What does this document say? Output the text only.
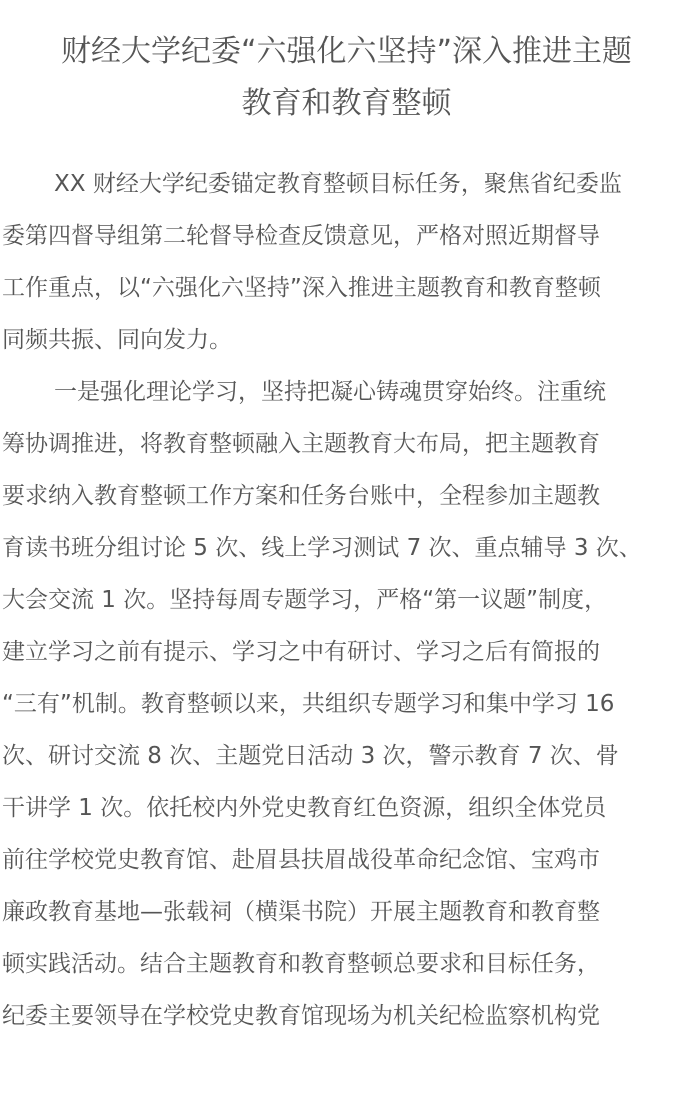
财经大学纪委“六强化六坚持”深入推进主题
教育和教育整顿
XX 财经大学纪委锚定教育整顿目标任务，聚焦省纪委监
委第四督导组第二轮督导检查反馈意见，严格对照近期督导
工作重点，以“六强化六坚持”深入推进主题教育和教育整顿
同频共振、同向发力。
一是强化理论学习，坚持把凝心铸魂贯穿始终。注重统
筹协调推进，将教育整顿融入主题教育大布局，把主题教育
要求纳入教育整顿工作方案和任务台账中，全程参加主题教
育读书班分组讨论 5 次、线上学习测试 7 次、重点辅导 3 次、
大会交流 1 次。坚持每周专题学习，严格“第一议题”制度，
建立学习之前有提示、学习之中有研讨、学习之后有简报的
“三有”机制。教育整顿以来，共组织专题学习和集中学习 16
次、研讨交流 8 次、主题党日活动 3 次，警示教育 7 次、骨
干讲学 1 次。依托校内外党史教育红色资源，组织全体党员
前往学校党史教育馆、赴眉县扶眉战役革命纪念馆、宝鸡市
廉政教育基地—张载祠（横渠书院）开展主题教育和教育整
顿实践活动。结合主题教育和教育整顿总要求和目标任务，
纪委主要领导在学校党史教育馆现场为机关纪检监察机构党
